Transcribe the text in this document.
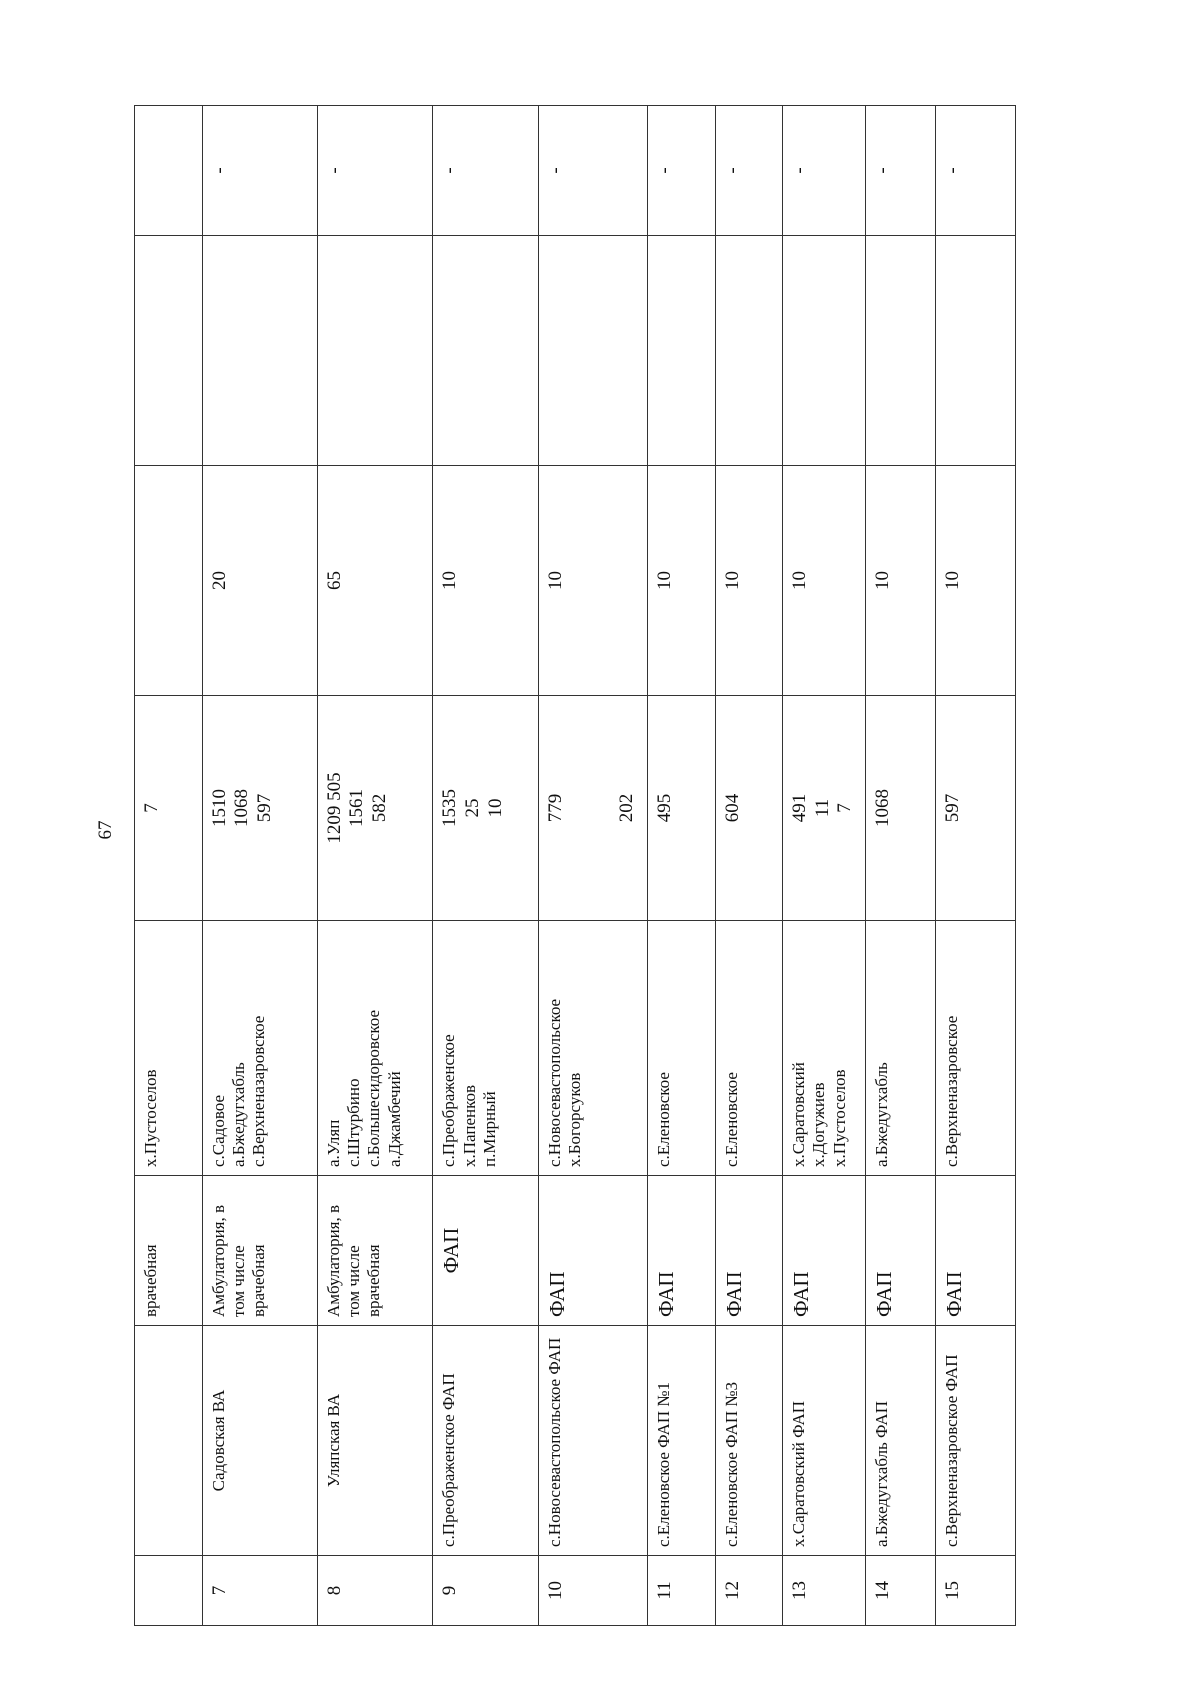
67
		врачебная	х.Пустоселов	7			

7	Садовская ВА	Амбулатория, в том числе врачебная	с.Садовое а.Бжедугхабль с.Верхненазаровское	1510 1068 597	20		-
8	Уляпская ВА	Амбулатория, в том числе врачебная	а.Уляп с.Штурбино с.Большесидоровское а.Джамбечий	1209 505 1561 582	65		-
9	с.Преображенское ФАП	ФАП	с.Преображенское х.Папенков п.Мирный	1535 25 10	10		-
10	с.Новосевастопольское ФАП	ФАП	с.Новосевастопольское х.Богорсуков	779 202	10		-
11	с.Еленовское ФАП №1	ФАП	с.Еленовское	495	10		-
12	с.Еленовское ФАП №3	ФАП	с.Еленовское	604	10		-
13	х.Саратовский ФАП	ФАП	х.Саратовский х.Догужиев х.Пустоселов	491 11 7	10		-
14	а.Бжедугхабль ФАП	ФАП	а.Бжедугхабль	1068	10		-
15	с.Верхненазаровское ФАП	ФАП	с.Верхненазаровское	597	10		-
